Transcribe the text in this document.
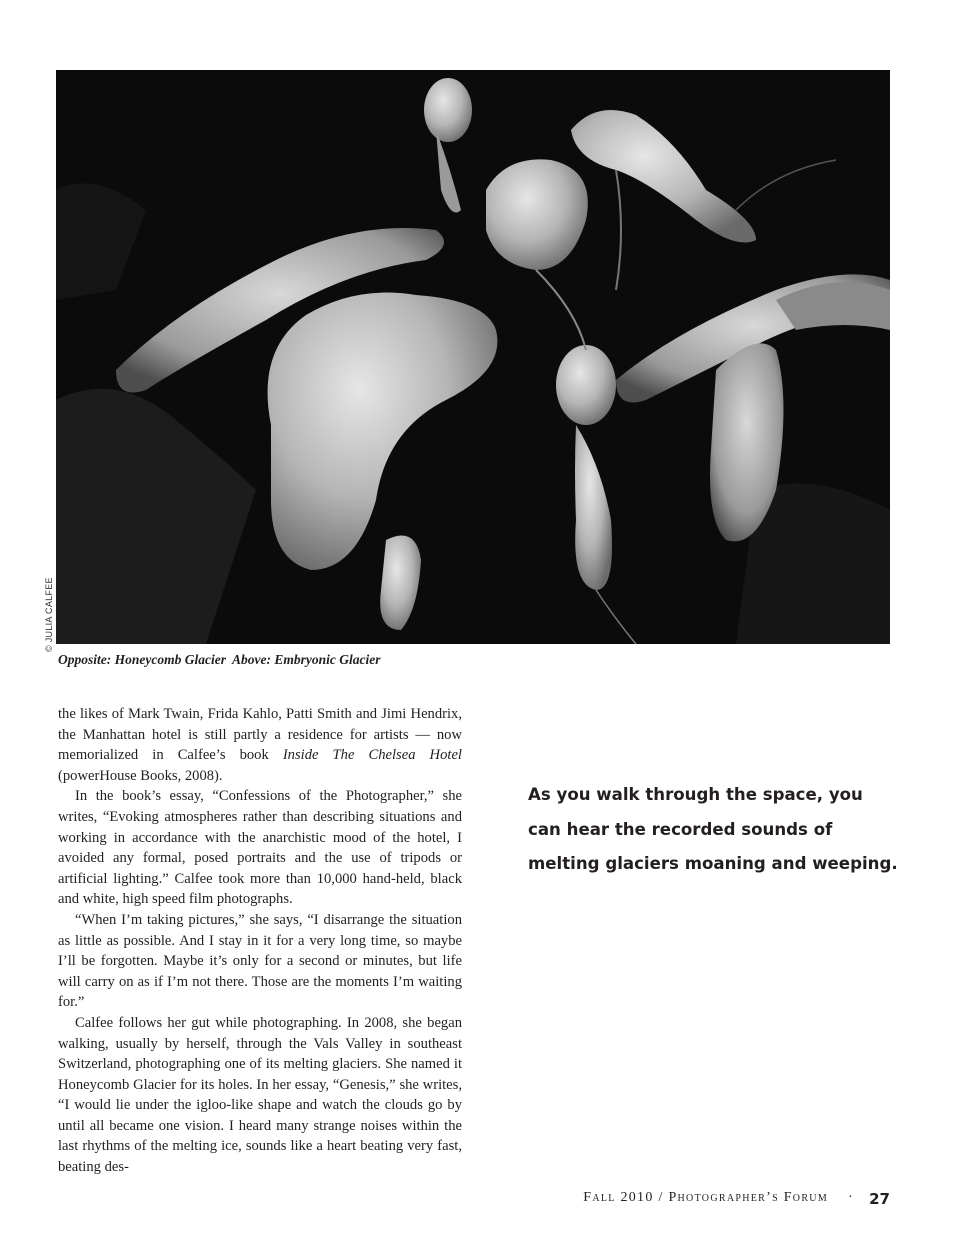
© JULIA CALFEE
Opposite: Honeycomb Glacier Above: Embryonic Glacier

the likes of Mark Twain, Frida Kahlo, Patti Smith and Jimi Hendrix, the Manhattan hotel is still partly a residence for artists — now memorialized in Calfee’s book Inside The Chelsea Hotel (powerHouse Books, 2008).

In the book’s essay, “Confessions of the Photographer,” she writes, “Evoking atmospheres rather than describing situations and working in accordance with the anarchistic mood of the hotel, I avoided any formal, posed portraits and the use of tripods or artificial lighting.” Calfee took more than 10,000 hand-held, black and white, high speed film photographs.

“When I’m taking pictures,” she says, “I disarrange the situation as little as possible. And I stay in it for a very long time, so maybe I’ll be forgotten. Maybe it’s only for a second or minutes, but life will carry on as if I’m not there. Those are the moments I’m waiting for.”

Calfee follows her gut while photographing. In 2008, she began walking, usually by herself, through the Vals Valley in southeast Switzerland, photographing one of its melting glaciers. She named it Honeycomb Glacier for its holes. In her essay, “Genesis,” she writes, “I would lie under the igloo-like shape and watch the clouds go by until all became one vision. I heard many strange noises within the last rhythms of the melting ice, sounds like a heart beating very fast, beating des-

As you walk through the space, you can hear the recorded sounds of melting glaciers moaning and weeping.
Fall 2010 / Photographer’s Forum ·	27
